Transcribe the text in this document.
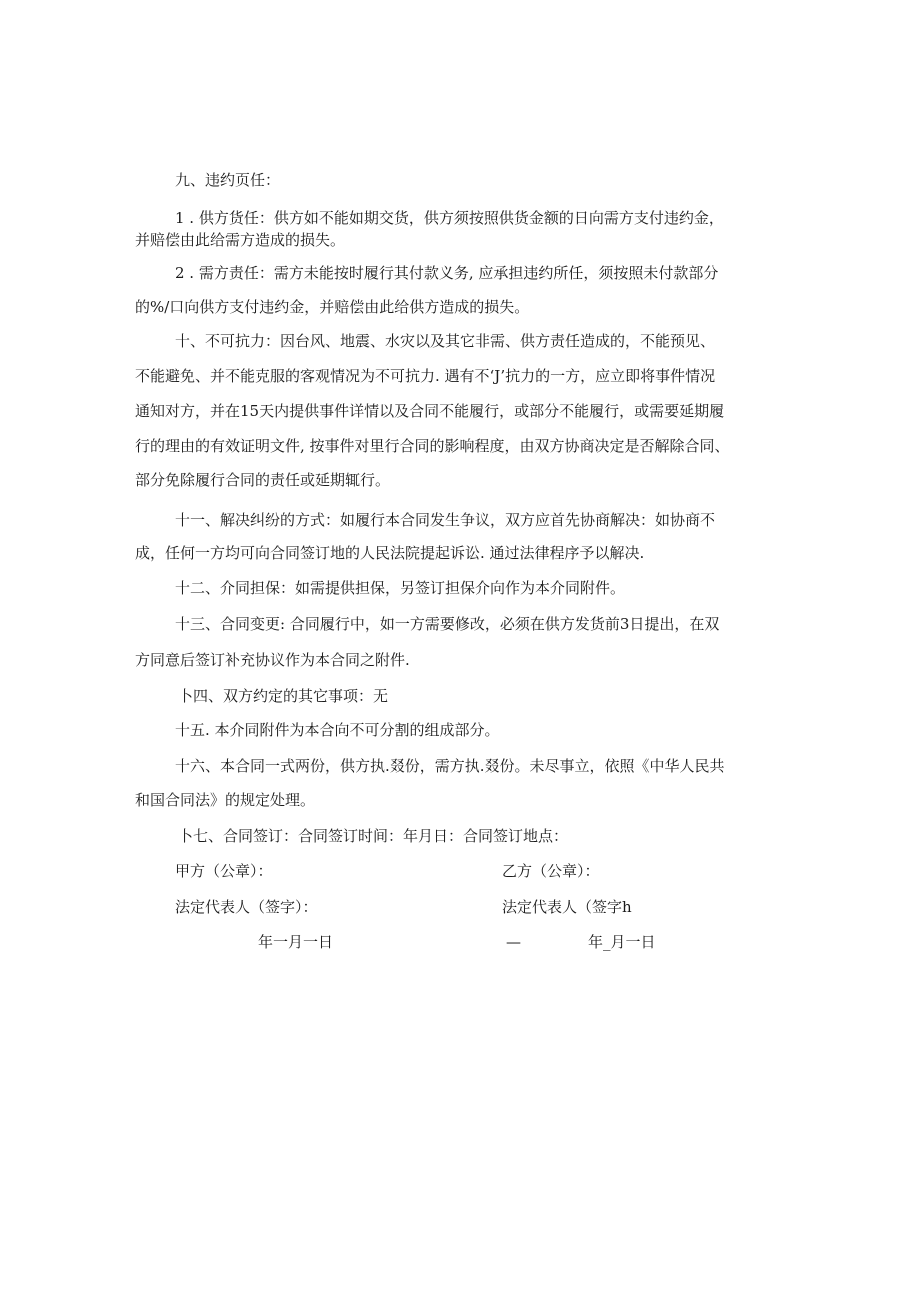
九、违约页任：
1 . 供方货任：供方如不能如期交货，供方须按照供货金额的日向需方支付违约金，
并赔偿由此给需方造成的损失。
2 . 需方责任：需方未能按时履行其付款义务, 应承担违约所任，须按照未付款部分
的%/口向供方支付违约金，并赔偿由此给供方造成的损失。
十、不可抗力：因台风、地震、水灾以及其它非需、供方责任造成的，不能预见、
不能避免、并不能克服的客观情况为不可抗力. 遇有不‘J’抗力的一方，应立即将事件情况
通知对方，并在15天内提供事件详情以及合同不能履行，或部分不能履行，或需要延期履
行的理由的有效证明文件, 按事件对里行合同的影响程度，由双方协商决定是否解除合同、
部分免除履行合同的责任或延期辄行。
十一、解决纠纷的方式：如履行本合同发生争议，双方应首先协商解决：如协商不
成，任何一方均可向合同签订地的人民法院提起诉讼. 通过法律程序予以解决.
十二、介同担保：如需提供担保，另签订担保介向作为本介同附件。
十三、合同变更: 合同履行中，如一方需要修改，必须在供方发货前3日提出，在双
方同意后签订补充协议作为本合同之附件.
卜四、双方约定的其它事项：无
十五. 本介同附件为本合向不可分割的组成部分。
十六、本合同一式两份，供方执.叕份，需方执.叕份。未尽事立，依照《中华人民共
和国合同法》的规定处理。
卜七、合同签订：合同签订时间：年月日：合同签订地点：
甲方（公章）：	乙方（公章）：
法定代表人（签字）：	法定代表人（签字h
年一月一日	—	年_月一日
